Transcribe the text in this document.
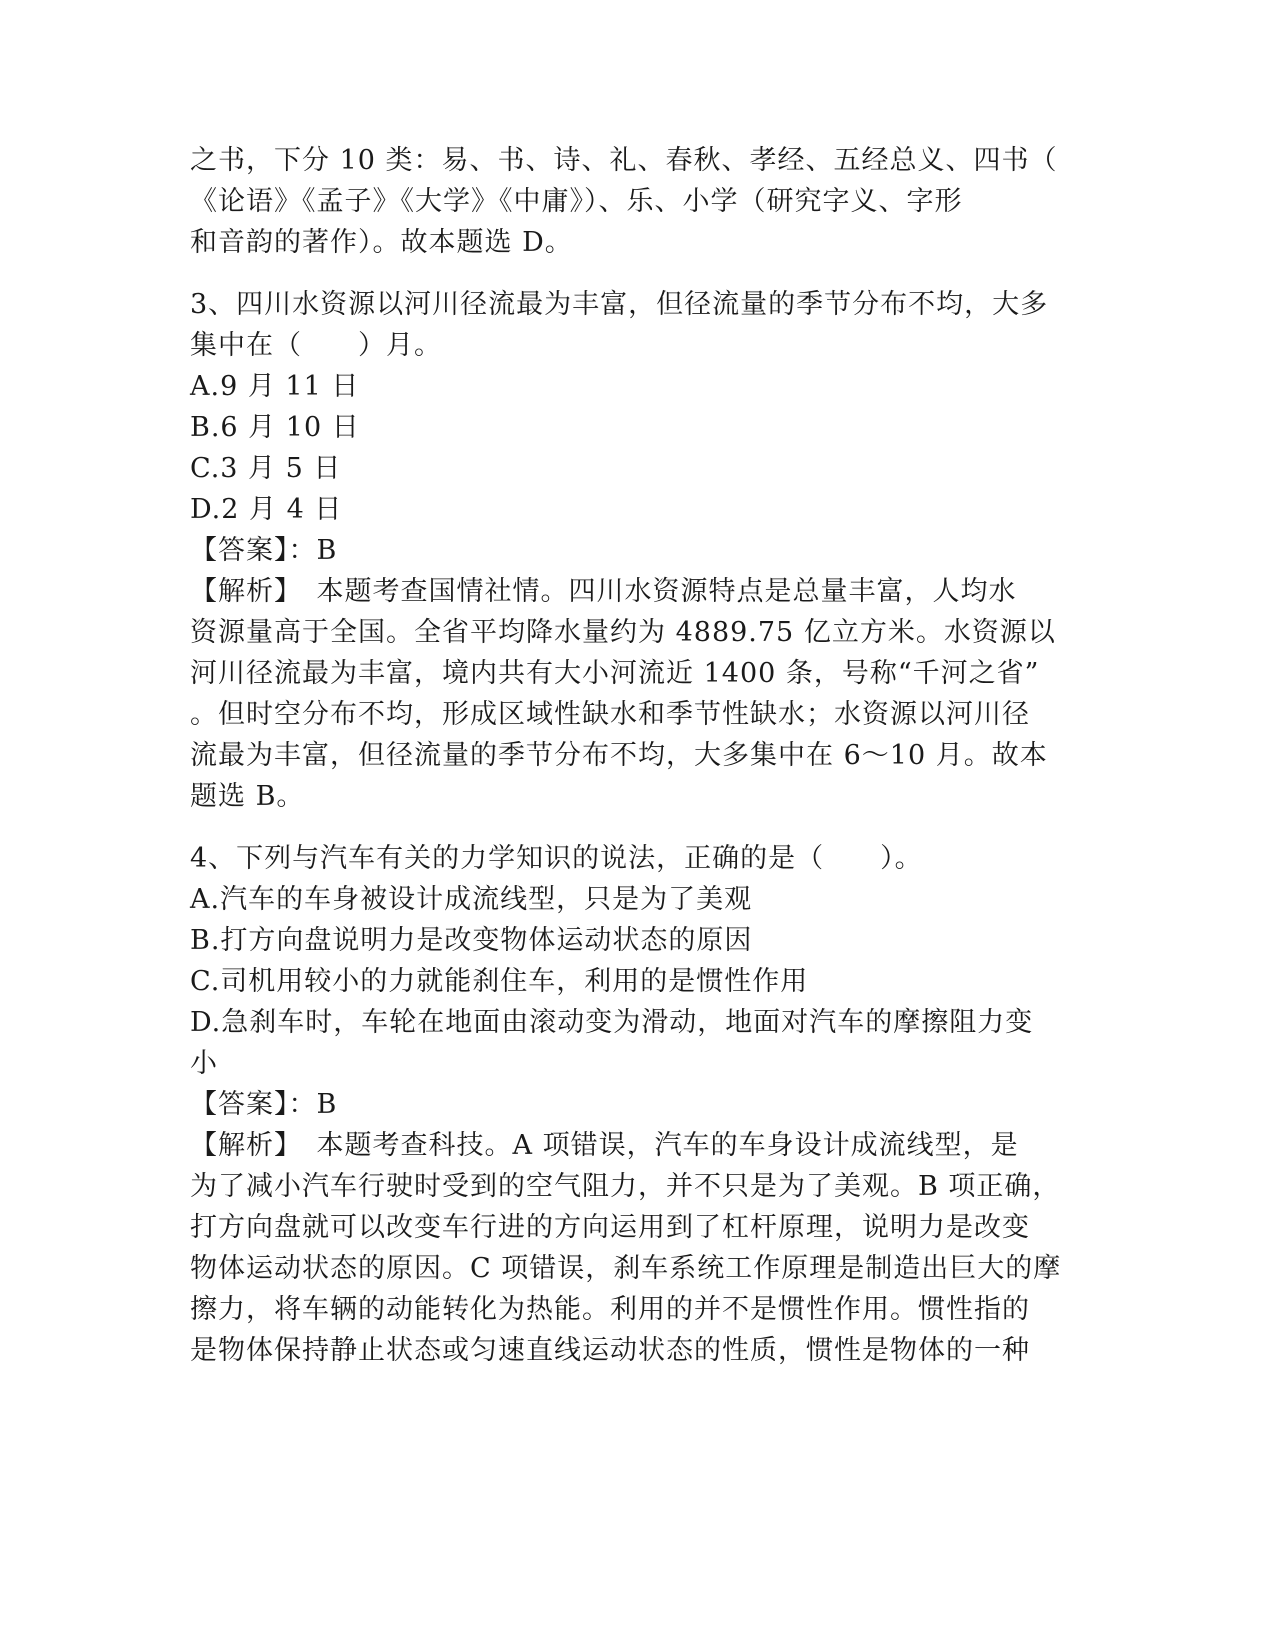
之书，下分 10 类：易、书、诗、礼、春秋、孝经、五经总义、四书（
《论语》《孟子》《大学》《中庸》）、乐、小学（研究字义、字形
和音韵的著作）。故本题选 D。
3、四川水资源以河川径流最为丰富，但径流量的季节分布不均，大多
集中在（　　）月。
A.9 月 11 日
B.6 月 10 日
C.3 月 5 日
D.2 月 4 日
【答案】：B
【解析】　本题考查国情社情。四川水资源特点是总量丰富，人均水
资源量高于全国。全省平均降水量约为 4889.75 亿立方米。水资源以
河川径流最为丰富，境内共有大小河流近 1400 条，号称“千河之省”
。但时空分布不均，形成区域性缺水和季节性缺水；水资源以河川径
流最为丰富，但径流量的季节分布不均，大多集中在 6～10 月。故本
题选 B。
4、下列与汽车有关的力学知识的说法，正确的是（　　）。
A.汽车的车身被设计成流线型，只是为了美观
B.打方向盘说明力是改变物体运动状态的原因
C.司机用较小的力就能刹住车，利用的是惯性作用
D.急刹车时，车轮在地面由滚动变为滑动，地面对汽车的摩擦阻力变
小
【答案】：B
【解析】　本题考查科技。A 项错误，汽车的车身设计成流线型，是
为了减小汽车行驶时受到的空气阻力，并不只是为了美观。B 项正确，
打方向盘就可以改变车行进的方向运用到了杠杆原理，说明力是改变
物体运动状态的原因。C 项错误，刹车系统工作原理是制造出巨大的摩
擦力，将车辆的动能转化为热能。利用的并不是惯性作用。惯性指的
是物体保持静止状态或匀速直线运动状态的性质，惯性是物体的一种
